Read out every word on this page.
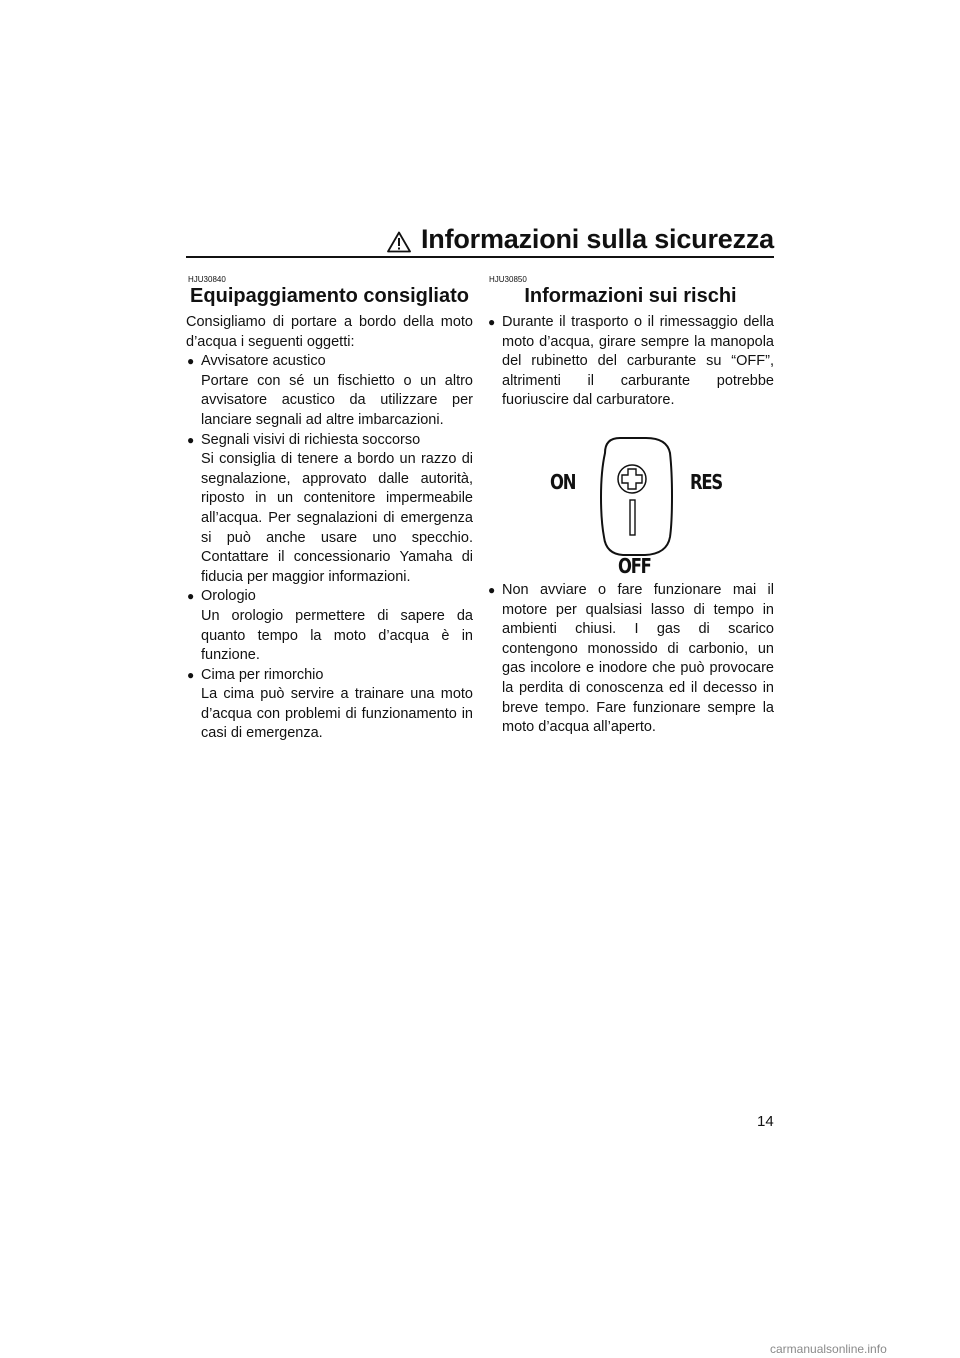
Informazioni sulla sicurezza
HJU30840
Equipaggiamento consigliato
Consigliamo di portare a bordo della moto d’acqua i seguenti oggetti:
● Avvisatore acustico
Portare con sé un fischietto o un altro avvisatore acustico da utilizzare per lanciare segnali ad altre imbarcazioni.
● Segnali visivi di richiesta soccorso
Si consiglia di tenere a bordo un razzo di segnalazione, approvato dalle autorità, riposto in un contenitore impermeabile all’acqua. Per segnalazioni di emergenza si può anche usare uno specchio. Contattare il concessionario Yamaha di fiducia per maggior informazioni.
● Orologio
Un orologio permettere di sapere da quanto tempo la moto d’acqua è in funzione.
● Cima per rimorchio
La cima può servire a trainare una moto d’acqua con problemi di funzionamento in casi di emergenza.
HJU30850
Informazioni sui rischi
● Durante il trasporto o il rimessaggio della moto d’acqua, girare sempre la manopola del rubinetto del carburante su “OFF”, altrimenti il carburante potrebbe fuoriuscire dal carburatore.
ON	RES
OFF
● Non avviare o fare funzionare mai il motore per qualsiasi lasso di tempo in ambienti chiusi. I gas di scarico contengono monossido di carbonio, un gas incolore e inodore che può provocare la perdita di conoscenza ed il decesso in breve tempo. Fare funzionare sempre la moto d’acqua all’aperto.
14
carmanualsonline.info
